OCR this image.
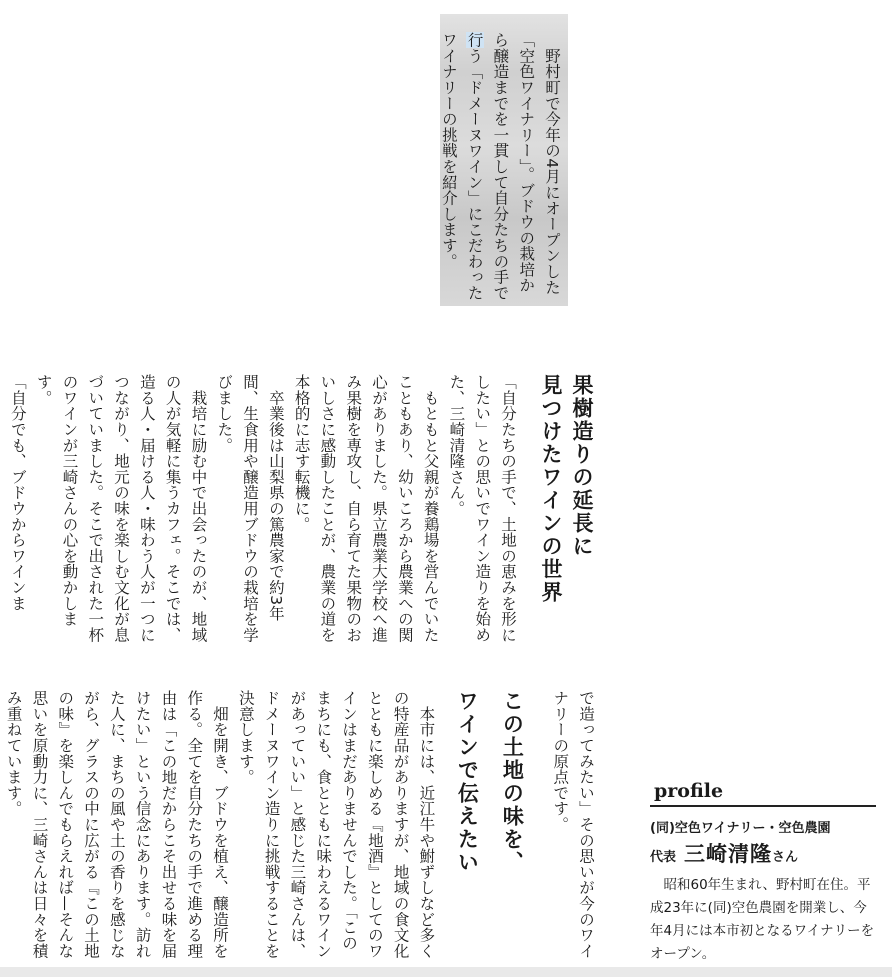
　野村町で今年の4月にオープンした「空色ワイナリー」。ブドウの栽培から醸造までを一貫して自分たちの手で行う「ドメーヌワイン」にこだわったワイナリーの挑戦を紹介します。

果樹造りの延長に

見つけたワインの世界

「自分たちの手で、土地の恵みを形にしたい」との思いでワイン造りを始めた、三崎清隆さん。

　もともと父親が養鶏場を営んでいたこともあり、幼いころから農業への関心がありました。県立農業大学校へ進み果樹を専攻し、自ら育てた果物のおいしさに感動したことが、農業の道を本格的に志す転機に。

　卒業後は山梨県の篤農家で約3年間、生食用や醸造用ブドウの栽培を学びました。

　栽培に励む中で出会ったのが、地域の人が気軽に集うカフェ。そこでは、造る人・届ける人・味わう人が一つにつながり、地元の味を楽しむ文化が息づいていました。そこで出された一杯のワインが三崎さんの心を動かします。

「自分でも、ブドウからワインま

で造ってみたい」その思いが今のワイナリーの原点です。

この土地の味を、

ワインで伝えたい

　本市には、近江牛や鮒ずしなど多くの特産品がありますが、地域の食文化とともに楽しめる『地酒』としてのワインはまだありませんでした。「このまちにも、食とともに味わえるワインがあっていい」と感じた三崎さんは、ドメーヌワイン造りに挑戦することを決意します。

　畑を開き、ブドウを植え、醸造所を作る。全てを自分たちの手で進める理由は「この地だからこそ出せる味を届けたい」という信念にあります。訪れた人に、まちの風や土の香りを感じながら、グラスの中に広がる『この土地の味』を楽しんでもらえれば—そんな思いを原動力に、三崎さんは日々を積み重ねています。	profile
(同)空色ワイナリー・空色農園
代表 三崎清隆さん

昭和60年生まれ、野村町在住。平成23年に(同)空色農園を開業し、今年4月には本市初となるワイナリーをオープン。
